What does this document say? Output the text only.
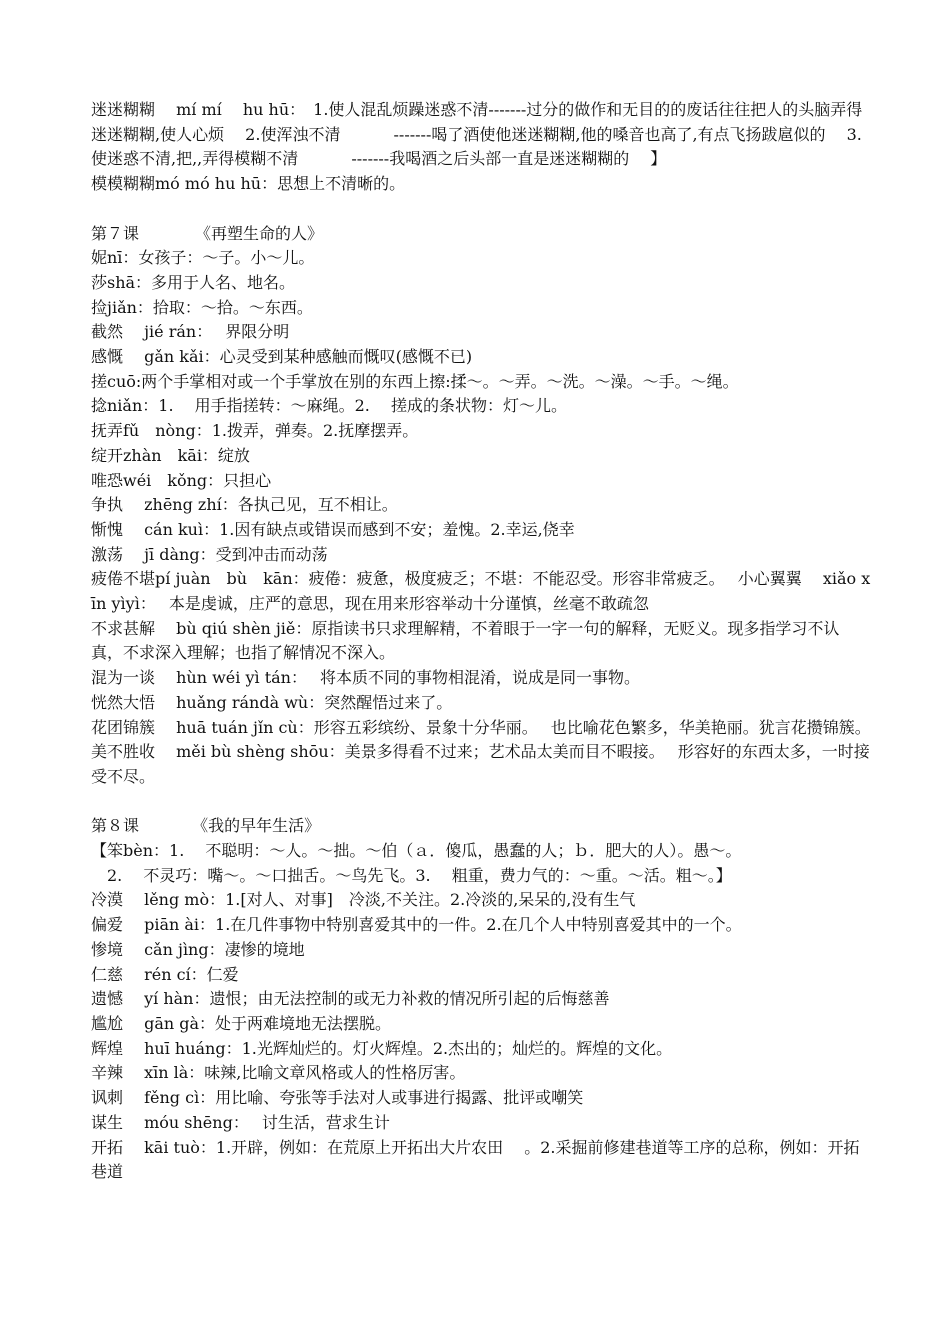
迷迷糊糊　 mí mí　 hu hū：　1.使人混乱烦躁迷惑不清-------过分的做作和无目的的废话往往把人的头脑弄得迷迷糊糊,使人心烦　 2.使浑浊不清　　　 -------喝了酒使他迷迷糊糊,他的嗓音也高了,有点飞扬跋扈似的　 3.使迷惑不清,把,,弄得模糊不清　　　 -------我喝酒之后头部一直是迷迷糊糊的　 】
模模糊糊mó mó hu hū：思想上不清晰的。
第７课　　　　《再塑生命的人》
妮nī：女孩子：～子。小～儿。
莎shā：多用于人名、地名。
捡jiǎn：拾取：～拾。～东西。
截然　 jié rán：　 界限分明
感慨　 gǎn kǎi：心灵受到某种感触而慨叹(感慨不已)
搓cuō:两个手掌相对或一个手掌放在别的东西上擦:揉～。～弄。～洗。～澡。～手。～绳。
捻niǎn：1.　 用手指搓转：～麻绳。2.　 搓成的条状物：灯～儿。
抚弄fǔ　nòng：1.拨弄，弹奏。2.抚摩摆弄。
绽开zhàn　kāi：绽放
唯恐wéi　kǒng：只担心
争执　 zhēng zhí：各执己见，互不相让。
惭愧　 cán kuì：1.因有缺点或错误而感到不安；羞愧。2.幸运,侥幸
激荡　 jī dàng：受到冲击而动荡
疲倦不堪pí juàn　bù　kān：疲倦：疲惫，极度疲乏；不堪：不能忍受。形容非常疲乏。　 小心翼翼　 xiǎo xīn yìyì：　 本是虔诚，庄严的意思，现在用来形容举动十分谨慎，丝毫不敢疏忽
不求甚解　 bù qiú shèn jiě：原指读书只求理解精，不着眼于一字一句的解释，无贬义。现多指学习不认真，不求深入理解；也指了解情况不深入。
混为一谈　 hùn wéi yì tán：　 将本质不同的事物相混淆，说成是同一事物。
恍然大悟　 huǎng rándà wù：突然醒悟过来了。
花团锦簇　 huā tuán jǐn cù：形容五彩缤纷、景象十分华丽。　 也比喻花色繁多，华美艳丽。犹言花攒锦簇。
美不胜收　 měi bù shèng shōu：美景多得看不过来；艺术品太美而目不暇接。　 形容好的东西太多，一时接受不尽。
第８课　　　 《我的早年生活》
【笨bèn：1.　 不聪明：～人。～拙。～伯（ａ．傻瓜，愚蠢的人；ｂ．肥大的人）。愚～。
　2.　 不灵巧：嘴～。～口拙舌。～鸟先飞。3.　 粗重，费力气的：～重。～活。粗～。】
冷漠　 lěng mò：1.[对人、对事]　冷淡,不关注。2.冷淡的,呆呆的,没有生气
偏爱　 piān ài：1.在几件事物中特别喜爱其中的一件。2.在几个人中特别喜爱其中的一个。
惨境　 cǎn jìng：凄惨的境地
仁慈　 rén cí：仁爱
遗憾　 yí hàn：遗恨；由无法控制的或无力补救的情况所引起的后悔慈善
尴尬　 gān gà：处于两难境地无法摆脱。
辉煌　 huī huáng：1.光辉灿烂的。灯火辉煌。2.杰出的；灿烂的。辉煌的文化。
辛辣　 xīn là：味辣,比喻文章风格或人的性格厉害。
讽刺　 fěng cì：用比喻、夸张等手法对人或事进行揭露、批评或嘲笑
谋生　 móu shēng：　 讨生活，营求生计
开拓　 kāi tuò：1.开辟，例如：在荒原上开拓出大片农田　 。2.采掘前修建巷道等工序的总称，例如：开拓巷道
